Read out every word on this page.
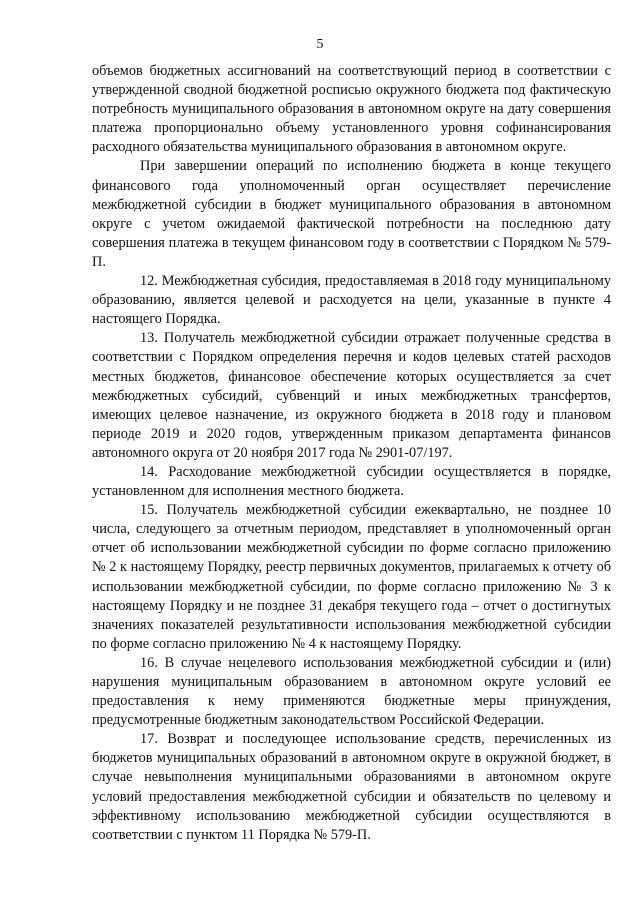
5

объемов бюджетных ассигнований на соответствующий период в соответствии с утвержденной сводной бюджетной росписью окружного бюджета под фактическую потребность муниципального образования в автономном округе на дату совершения платежа пропорционально объему установленного уровня софинансирования расходного обязательства муниципального образования в автономном округе.

При завершении операций по исполнению бюджета в конце текущего финансового года уполномоченный орган осуществляет перечисление межбюджетной субсидии в бюджет муниципального образования в автономном округе с учетом ожидаемой фактической потребности на последнюю дату совершения платежа в текущем финансовом году в соответствии с Порядком № 579-П.

12. Межбюджетная субсидия, предоставляемая в 2018 году муниципальному образованию, является целевой и расходуется на цели, указанные в пункте 4 настоящего Порядка.

13. Получатель межбюджетной субсидии отражает полученные средства в соответствии с Порядком определения перечня и кодов целевых статей расходов местных бюджетов, финансовое обеспечение которых осуществляется за счет межбюджетных субсидий, субвенций и иных межбюджетных трансфертов, имеющих целевое назначение, из окружного бюджета в 2018 году и плановом периоде 2019 и 2020 годов, утвержденным приказом департамента финансов автономного округа от 20 ноября 2017 года № 2901-07/197.

14. Расходование межбюджетной субсидии осуществляется в порядке, установленном для исполнения местного бюджета.

15. Получатель межбюджетной субсидии ежеквартально, не позднее 10 числа, следующего за отчетным периодом, представляет в уполномоченный орган отчет об использовании межбюджетной субсидии по форме согласно приложению № 2 к настоящему Порядку, реестр первичных документов, прилагаемых к отчету об использовании межбюджетной субсидии, по форме согласно приложению № 3 к настоящему Порядку и не позднее 31 декабря текущего года – отчет о достигнутых значениях показателей результативности использования межбюджетной субсидии по форме согласно приложению № 4 к настоящему Порядку.

16. В случае нецелевого использования межбюджетной субсидии и (или) нарушения муниципальным образованием в автономном округе условий ее предоставления к нему применяются бюджетные меры принуждения, предусмотренные бюджетным законодательством Российской Федерации.

17. Возврат и последующее использование средств, перечисленных из бюджетов муниципальных образований в автономном округе в окружной бюджет, в случае невыполнения муниципальными образованиями в автономном округе условий предоставления межбюджетной субсидии и обязательств по целевому и эффективному использованию межбюджетной субсидии осуществляются в соответствии с пунктом 11 Порядка № 579-П.
